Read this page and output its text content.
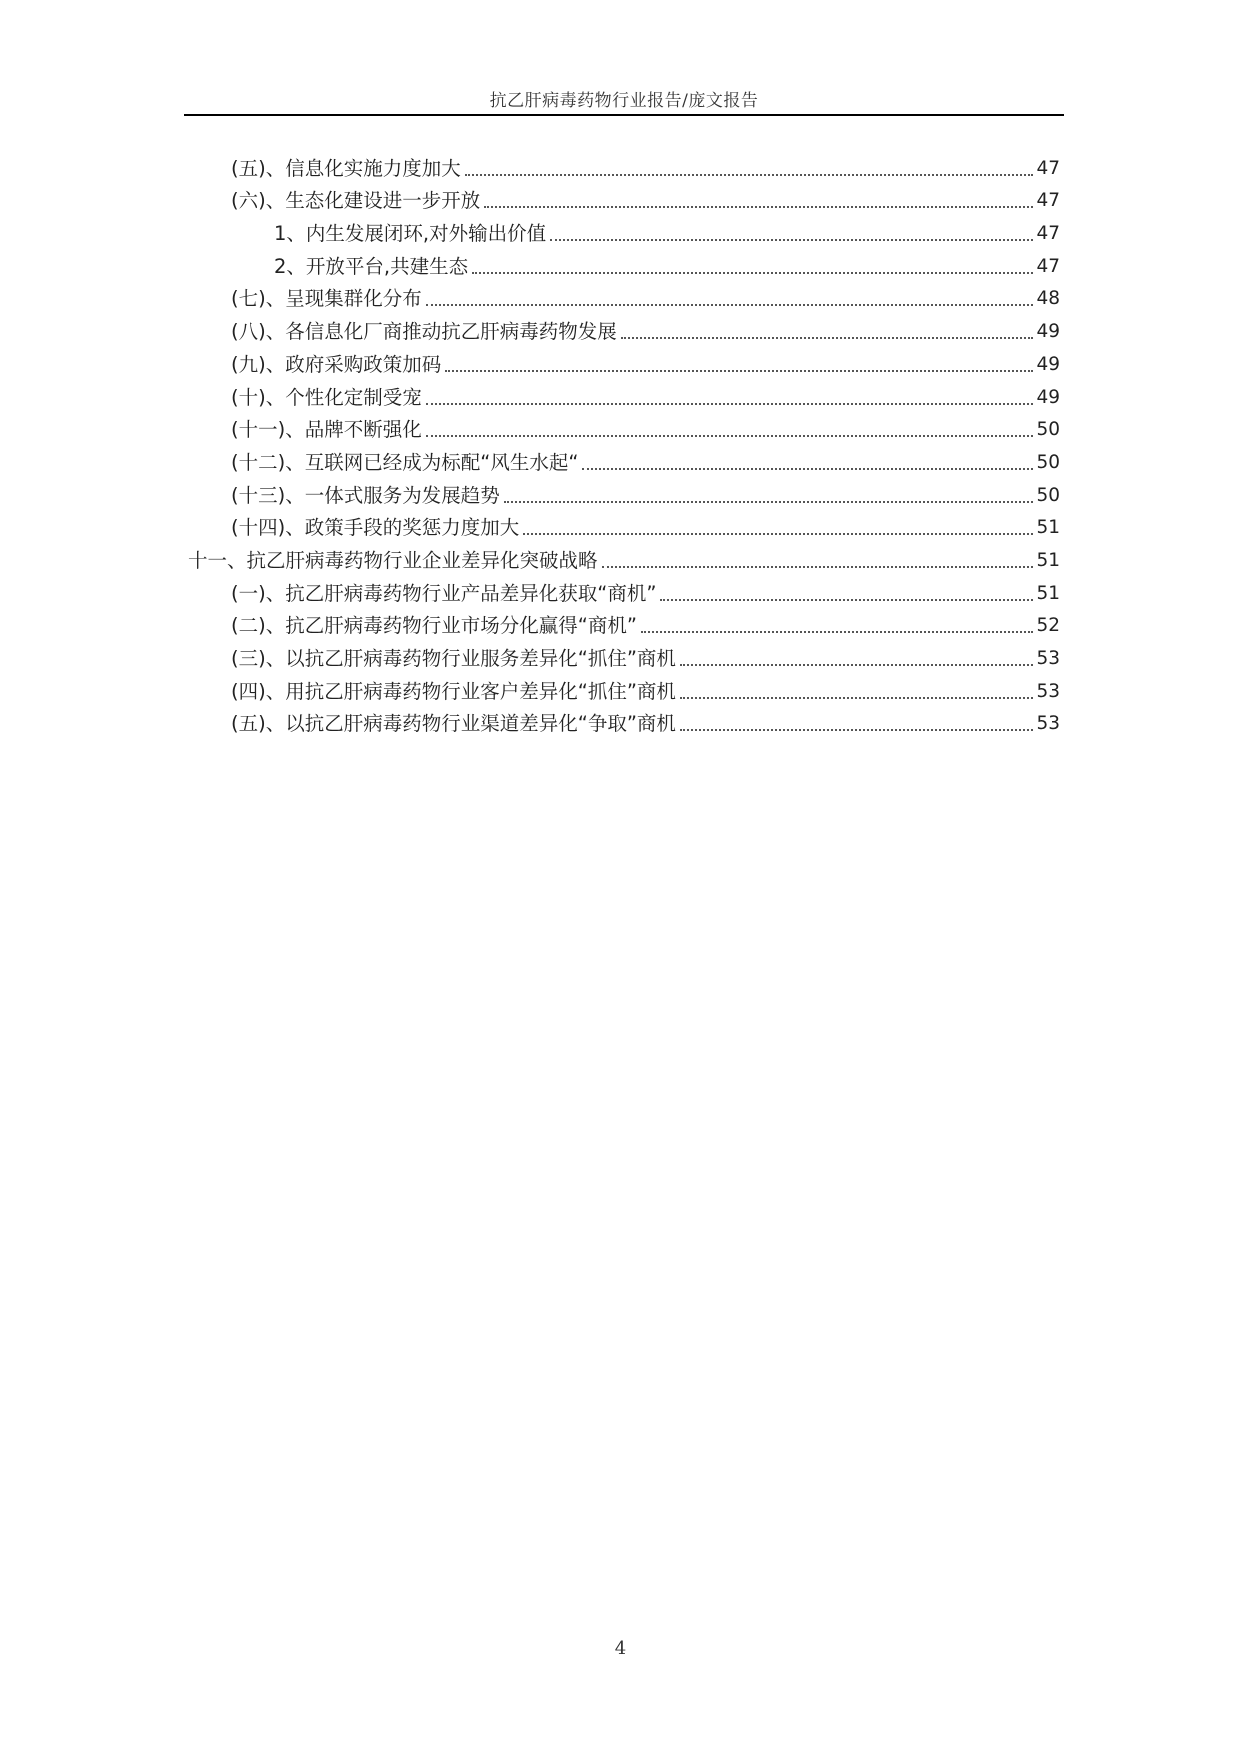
抗乙肝病毒药物行业报告/庞文报告
(五)、信息化实施力度加大	47
(六)、生态化建设进一步开放	47
1、内生发展闭环,对外输出价值	47
2、开放平台,共建生态	47
(七)、呈现集群化分布	48
(八)、各信息化厂商推动抗乙肝病毒药物发展	49
(九)、政府采购政策加码	49
(十)、个性化定制受宠	49
(十一)、品牌不断强化	50
(十二)、互联网已经成为标配“风生水起“	50
(十三)、一体式服务为发展趋势	50
(十四)、政策手段的奖惩力度加大	51
十一、抗乙肝病毒药物行业企业差异化突破战略	51
(一)、抗乙肝病毒药物行业产品差异化获取“商机”	51
(二)、抗乙肝病毒药物行业市场分化赢得“商机”	52
(三)、以抗乙肝病毒药物行业服务差异化“抓住”商机	53
(四)、用抗乙肝病毒药物行业客户差异化“抓住”商机	53
(五)、以抗乙肝病毒药物行业渠道差异化“争取”商机	53
4
